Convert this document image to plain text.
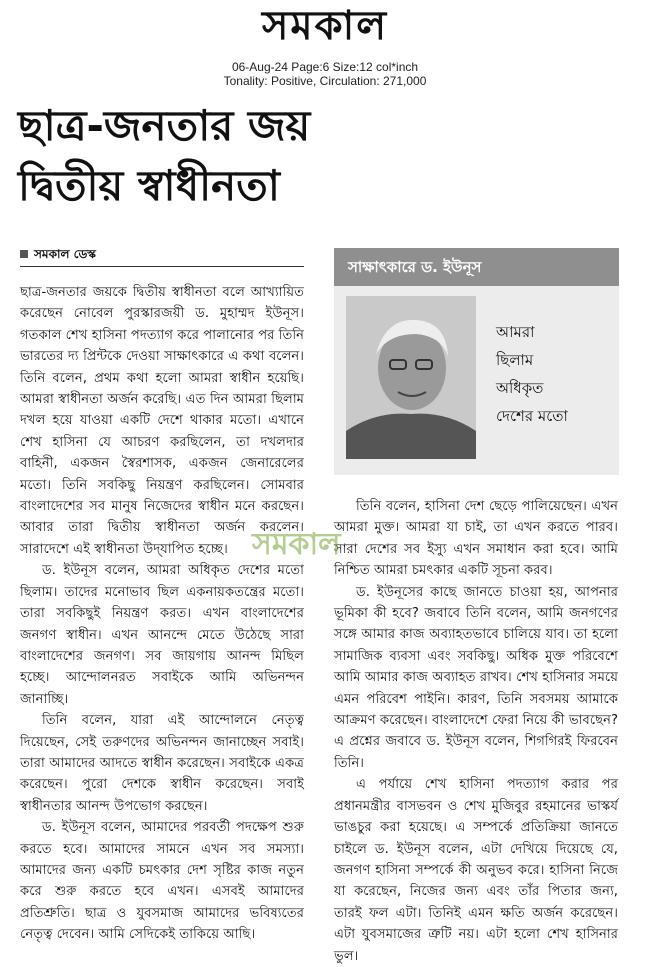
সমকাল
06-Aug-24 Page:6 Size:12 col*inch
Tonality: Positive, Circulation: 271,000
ছাত্র-জনতার জয়
দ্বিতীয় স্বাধীনতা
সমকাল ডেস্ক

ছাত্র-জনতার জয়কে দ্বিতীয় স্বাধীনতা বলে আখ্যায়িত করেছেন নোবেল পুরস্কারজয়ী ড. মুহাম্মদ ইউনূস। গতকাল শেখ হাসিনা পদত্যাগ করে পালানোর পর তিনি ভারতের দ্য প্রিন্টকে দেওয়া সাক্ষাৎকারে এ কথা বলেন। তিনি বলেন, প্রথম কথা হলো আমরা স্বাধীন হয়েছি। আমরা স্বাধীনতা অর্জন করেছি। এত দিন আমরা ছিলাম দখল হয়ে যাওয়া একটি দেশে থাকার মতো। এখানে শেখ হাসিনা যে আচরণ করছিলেন, তা দখলদার বাহিনী, একজন স্বৈরশাসক, একজন জেনারেলের মতো। তিনি সবকিছু নিয়ন্ত্রণ করছিলেন। সোমবার বাংলাদেশের সব মানুষ নিজেদের স্বাধীন মনে করছেন। আবার তারা দ্বিতীয় স্বাধীনতা অর্জন করলেন। সারাদেশে এই স্বাধীনতা উদ্‌যাপিত হচ্ছে।

ড. ইউনূস বলেন, আমরা অধিকৃত দেশের মতো ছিলাম। তাদের মনোভাব ছিল একনায়কতন্ত্রের মতো। তারা সবকিছুই নিয়ন্ত্রণ করত। এখন বাংলাদেশের জনগণ স্বাধীন। এখন আনন্দে মেতে উঠেছে সারা বাংলাদেশের জনগণ। সব জায়গায় আনন্দ মিছিল হচ্ছে। আন্দোলনরত সবাইকে আমি অভিনন্দন জানাচ্ছি।

তিনি বলেন, যারা এই আন্দোলনে নেতৃত্ব দিয়েছেন, সেই তরুণদের অভিনন্দন জানাচ্ছেন সবাই। তারা আমাদের আদতে স্বাধীন করেছেন। সবাইকে একত্র করেছেন। পুরো দেশকে স্বাধীন করেছেন। সবাই স্বাধীনতার আনন্দ উপভোগ করছেন।

ড. ইউনূস বলেন, আমাদের পরবর্তী পদক্ষেপ শুরু করতে হবে। আমাদের সামনে এখন সব সমস্যা। আমাদের জন্য একটি চমৎকার দেশ সৃষ্টির কাজ নতুন করে শুরু করতে হবে এখন। এসবই আমাদের প্রতিশ্রুতি। ছাত্র ও যুবসমাজ আমাদের ভবিষ্যতের নেতৃত্ব দেবেন। আমি সেদিকেই তাকিয়ে আছি।

সাক্ষাৎকারে ড. ইউনূস
আমরা
ছিলাম
অধিকৃত
দেশের মতো

তিনি বলেন, হাসিনা দেশ ছেড়ে পালিয়েছেন। এখন আমরা মুক্ত। আমরা যা চাই, তা এখন করতে পারব। সারা দেশের সব ইস্যু এখন সমাধান করা হবে। আমি নিশ্চিত আমরা চমৎকার একটি সূচনা করব।

ড. ইউনূসের কাছে জানতে চাওয়া হয়, আপনার ভূমিকা কী হবে? জবাবে তিনি বলেন, আমি জনগণের সঙ্গে আমার কাজ অব্যাহতভাবে চালিয়ে যাব। তা হলো সামাজিক ব্যবসা এবং সবকিছু। অধিক মুক্ত পরিবেশে আমি আমার কাজ অব্যাহত রাখব। শেখ হাসিনার সময়ে এমন পরিবেশ পাইনি। কারণ, তিনি সবসময় আমাকে আক্রমণ করেছেন। বাংলাদেশে ফেরা নিয়ে কী ভাবছেন? এ প্রশ্নের জবাবে ড. ইউনূস বলেন, শিগগিরই ফিরবেন তিনি।

এ পর্যায়ে শেখ হাসিনা পদত্যাগ করার পর প্রধানমন্ত্রীর বাসভবন ও শেখ মুজিবুর রহমানের ভাস্কর্য ভাঙচুর করা হয়েছে। এ সম্পর্কে প্রতিক্রিয়া জানতে চাইলে ড. ইউনূস বলেন, এটা দেখিয়ে দিয়েছে যে, জনগণ হাসিনা সম্পর্কে কী অনুভব করে। হাসিনা নিজে যা করেছেন, নিজের জন্য এবং তাঁর পিতার জন্য, তারই ফল এটা। তিনিই এমন ক্ষতি অর্জন করেছেন। এটা যুবসমাজের ত্রুটি নয়। এটা হলো শেখ হাসিনার ভুল।

সমকাল
